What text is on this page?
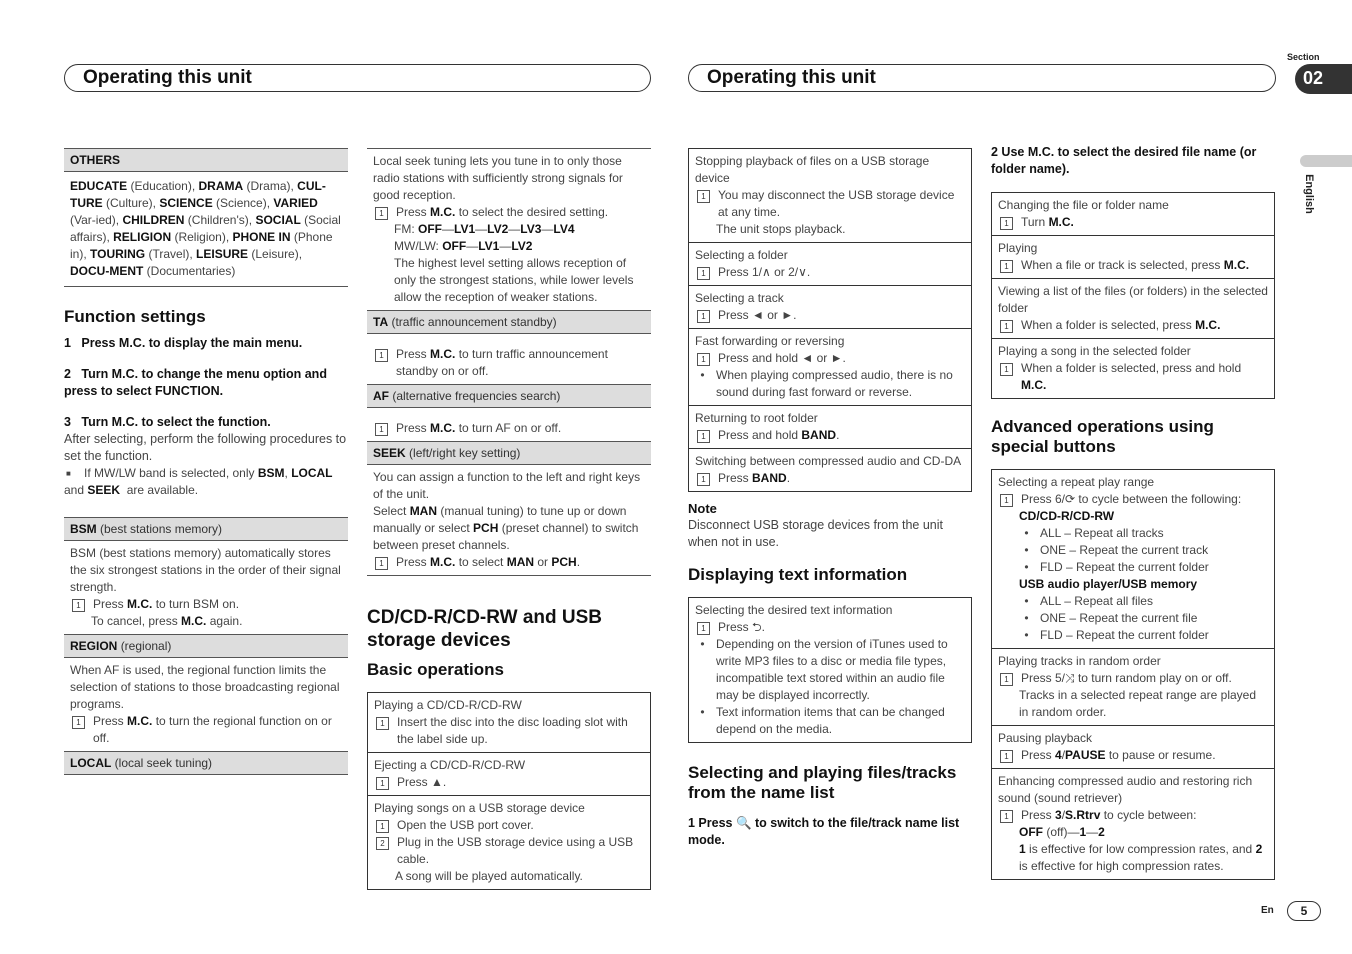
Operating this unit	Operating this unit
Section
02
English
OTHERS
EDUCATE (Education), DRAMA (Drama), CUL-TURE (Culture), SCIENCE (Science), VARIED (Var-ied), CHILDREN (Children's), SOCIAL (Social affairs), RELIGION (Religion), PHONE IN (Phone in), TOURING (Travel), LEISURE (Leisure), DOCU-MENT (Documentaries)
Function settings
1   Press M.C. to display the main menu.
2   Turn M.C. to change the menu option and press to select FUNCTION.
3   Turn M.C. to select the function.
After selecting, perform the following procedures to set the function.
■	If MW/LW band is selected, only BSM, LOCAL

and SEEK  are available.
BSM (best stations memory)
BSM (best stations memory) automatically stores the six strongest stations in the order of their signal strength.
1	Press M.C. to turn BSM on.
To cancel, press M.C. again.
REGION (regional)
When AF is used, the regional function limits the selection of stations to those broadcasting regional programs.
1	Press M.C. to turn the regional function on or off.
LOCAL (local seek tuning)
Local seek tuning lets you tune in to only those radio stations with sufficiently strong signals for good reception.
1	Press M.C. to select the desired setting.
FM: OFF—LV1—LV2—LV3—LV4
MW/LW: OFF—LV1—LV2
The highest level setting allows reception of only the strongest stations, while lower levels allow the reception of weaker stations.
TA (traffic announcement standby)
1	Press M.C. to turn traffic announcement standby on or off.
AF (alternative frequencies search)
1	Press M.C. to turn AF on or off.
SEEK (left/right key setting)
You can assign a function to the left and right keys of the unit.
Select MAN (manual tuning) to tune up or down manually or select PCH (preset channel) to switch between preset channels.
1	Press M.C. to select MAN or PCH.
CD/CD-R/CD-RW and USB storage devices
Basic operations
Playing a CD/CD-R/CD-RW
1	Insert the disc into the disc loading slot with the label side up.
Ejecting a CD/CD-R/CD-RW
1	Press ▲.
Playing songs on a USB storage device
1	Open the USB port cover.
2	Plug in the USB storage device using a USB cable.
A song will be played automatically.
Stopping playback of files on a USB storage device
1	You may disconnect the USB storage device at any time.
The unit stops playback.
Selecting a folder
1	Press 1/∧ or 2/∨.
Selecting a track
1	Press ◄ or ►.
Fast forwarding or reversing
1	Press and hold ◄ or ►.
• When playing compressed audio, there is no sound during fast forward or reverse.
Returning to root folder
1	Press and hold BAND.
Switching between compressed audio and CD-DA
1	Press BAND.
Note
Disconnect USB storage devices from the unit when not in use.
Displaying text information
Selecting the desired text information
1	Press ⮌.
• Depending on the version of iTunes used to write MP3 files to a disc or media file types, incompatible text stored within an audio file may be displayed incorrectly.
• Text information items that can be changed depend on the media.
Selecting and playing files/tracks from the name list
1 Press 🔍 to switch to the file/track name list mode.
2 Use M.C. to select the desired file name (or folder name).
Changing the file or folder name
1	Turn M.C.
Playing
1	When a file or track is selected, press M.C.
Viewing a list of the files (or folders) in the selected folder
1	When a folder is selected, press M.C.
Playing a song in the selected folder
1	When a folder is selected, press and hold M.C.
Advanced operations using special buttons
Selecting a repeat play range
1	Press 6/⟳ to cycle between the following:
CD/CD-R/CD-RW
• ALL – Repeat all tracks
• ONE – Repeat the current track
• FLD – Repeat the current folder
USB audio player/USB memory
• ALL – Repeat all files
• ONE – Repeat the current file
• FLD – Repeat the current folder
Playing tracks in random order
1	Press 5/⤨ to turn random play on or off.
Tracks in a selected repeat range are played in random order.
Pausing playback
1	Press 4/PAUSE to pause or resume.
Enhancing compressed audio and restoring rich sound (sound retriever)
1	Press 3/S.Rtrv to cycle between:
OFF (off)—1—2
1 is effective for low compression rates, and 2 is effective for high compression rates.
En	5
